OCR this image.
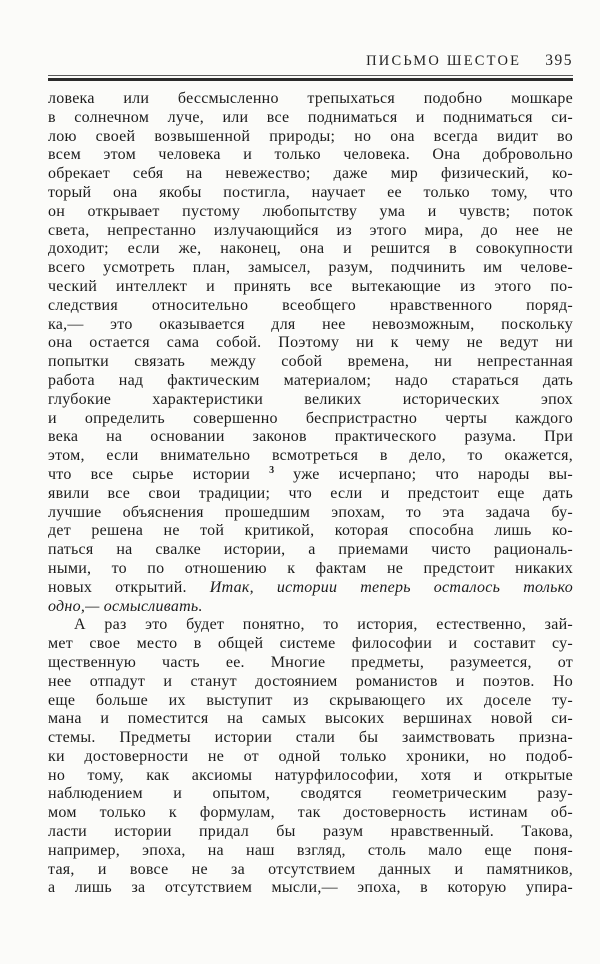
ПИСЬМО ШЕСТОЕ 395
ловека или бессмысленно трепыхаться подобно мошкаре
в солнечном луче, или все подниматься и подниматься си-
лою своей возвышенной природы; но она всегда видит во
всем этом человека и только человека. Она добровольно
обрекает себя на невежество; даже мир физический, ко-
торый она якобы постигла, научает ее только тому, что
он открывает пустому любопытству ума и чувств; поток
света, непрестанно излучающийся из этого мира, до нее не
доходит; если же, наконец, она и решится в совокупности
всего усмотреть план, замысел, разум, подчинить им челове-
ческий интеллект и принять все вытекающие из этого по-
следствия относительно всеобщего нравственного поряд-
ка,— это оказывается для нее невозможным, поскольку
она остается сама собой. Поэтому ни к чему не ведут ни
попытки связать между собой времена, ни непрестанная
работа над фактическим материалом; надо стараться дать
глубокие характеристики великих исторических эпох
и определить совершенно беспристрастно черты каждого
века на основании законов практического разума. При
этом, если внимательно всмотреться в дело, то окажется,
что все сырье истории $^3$ уже исчерпано; что народы вы-
явили все свои традиции; что если и предстоит еще дать
лучшие объяснения прошедшим эпохам, то эта задача бу-
дет решена не той критикой, которая способна лишь ко-
паться на свалке истории, а приемами чисто рациональ-
ными, то по отношению к фактам не предстоит никаких
новых открытий. Итак, истории теперь осталось только
одно,— осмысливать.
А раз это будет понятно, то история, естественно, зай-
мет свое место в общей системе философии и составит су-
щественную часть ее. Многие предметы, разумеется, от
нее отпадут и станут достоянием романистов и поэтов. Но
еще больше их выступит из скрывающего их доселе ту-
мана и поместится на самых высоких вершинах новой си-
стемы. Предметы истории стали бы заимствовать призна-
ки достоверности не от одной только хроники, но подоб-
но тому, как аксиомы натурфилософии, хотя и открытые
наблюдением и опытом, сводятся геометрическим разу-
мом только к формулам, так достоверность истинам об-
ласти истории придал бы разум нравственный. Такова,
например, эпоха, на наш взгляд, столь мало еще поня-
тая, и вовсе не за отсутствием данных и памятников,
а лишь за отсутствием мысли,— эпоха, в которую упира-
